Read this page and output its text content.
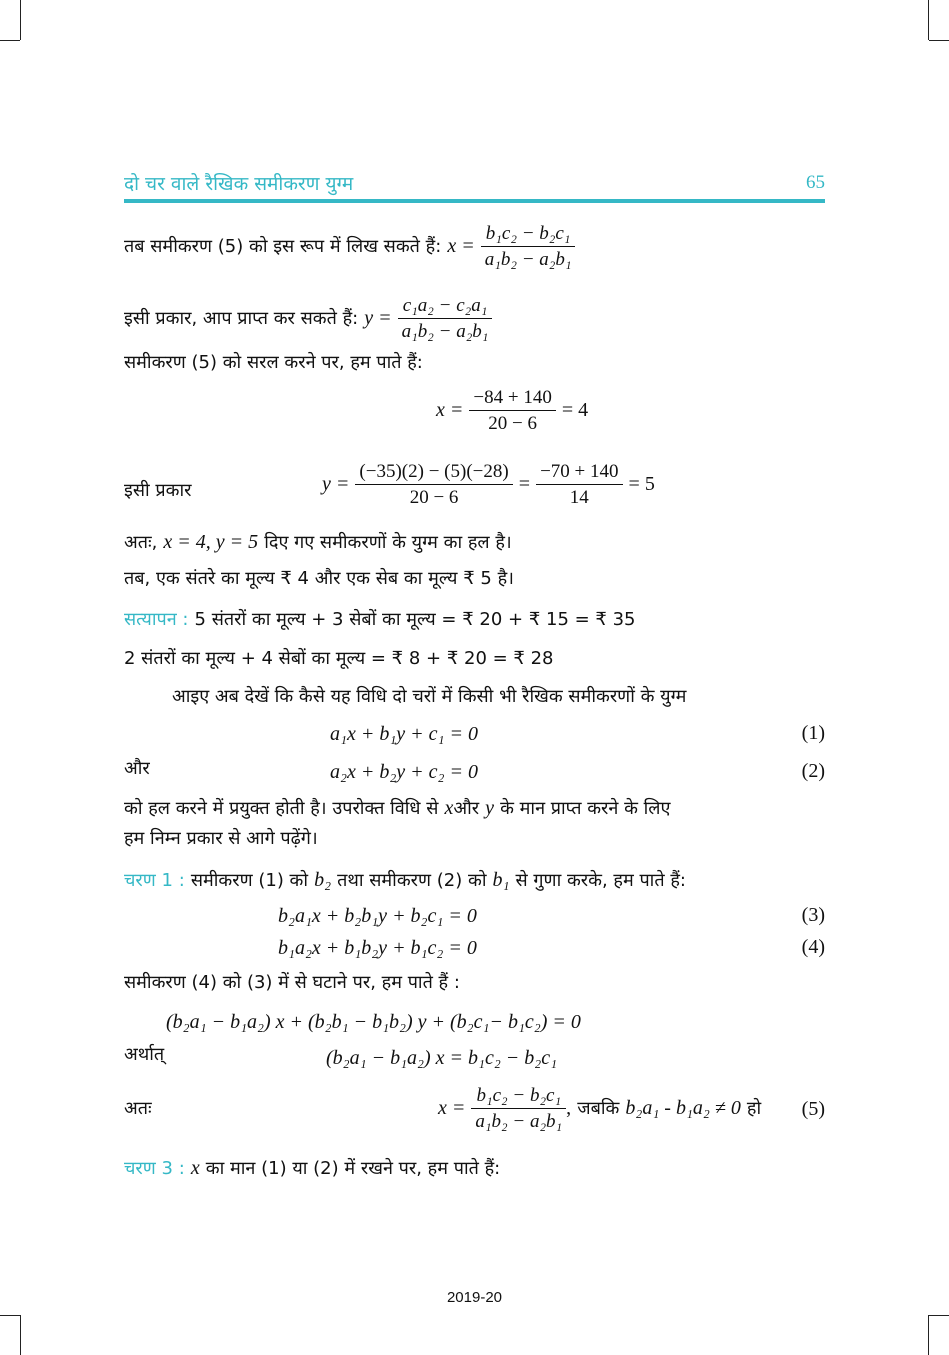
दो चर वाले रैखिक समीकरण युग्म	65
तब समीकरण (5) को इस रूप में लिख सकते हैं: $x = \frac{\text{b₁c₂ − b₂c₁}}{\text{a₁b₂ − a₂b₁}}$
इसी प्रकार, आप प्राप्त कर सकते हैं: $y = \frac{\text{c₁a₂ − c₂a₁}}{\text{a₁b₂ − a₂b₁}}$
समीकरण (5) को सरल करने पर, हम पाते हैं:
$x = \frac{-84 + 140}{20 - 6} = 4$
इसी प्रकार	$y = \frac{(-35)(2) - (5)(-28)}{20 - 6} = \frac{-70 + 140}{14} = 5$
अतः, x = 4, y = 5 दिए गए समीकरणों के युग्म का हल है।
तब, एक संतरे का मूल्य ₹ 4 और एक सेब का मूल्य ₹ 5 है।
सत्यापन : 5 संतरों का मूल्य + 3 सेबों का मूल्य = ₹ 20 + ₹ 15 = ₹ 35
2 संतरों का मूल्य + 4 सेबों का मूल्य = ₹ 8 + ₹ 20 = ₹ 28
आइए अब देखें कि कैसे यह विधि दो चरों में किसी भी रैखिक समीकरणों के युग्म
a₁x + b₁y + c₁ = 0	(1)
और	a₂x + b₂y + c₂ = 0	(2)
को हल करने में प्रयुक्त होती है। उपरोक्त विधि से xऔर y के मान प्राप्त करने के लिए
हम निम्न प्रकार से आगे पढ़ेंगे।
चरण 1 : समीकरण (1) को b₂ तथा समीकरण (2) को b₁ से गुणा करके, हम पाते हैं:
b₂a₁x + b₂b₁y + b₂c₁ = 0	(3)
b₁a₂x + b₁b₂y + b₁c₂ = 0	(4)
समीकरण (4) को (3) में से घटाने पर, हम पाते हैं :
(b₂a₁ − b₁a₂) x + (b₂b₁ − b₁b₂) y + (b₂c₁− b₁c₂) = 0
अर्थात्	(b₂a₁ − b₁a₂) x = b₁c₂ − b₂c₁
अतः	$x = \frac{\text{b₁c₂ − b₂c₁}}{\text{a₁b₂ − a₂b₁}}$ , जबकि b₂a₁ - b₁a₂ ≠ 0 हो (5)
चरण 3 : x का मान (1) या (2) में रखने पर, हम पाते हैं:
2019-20
